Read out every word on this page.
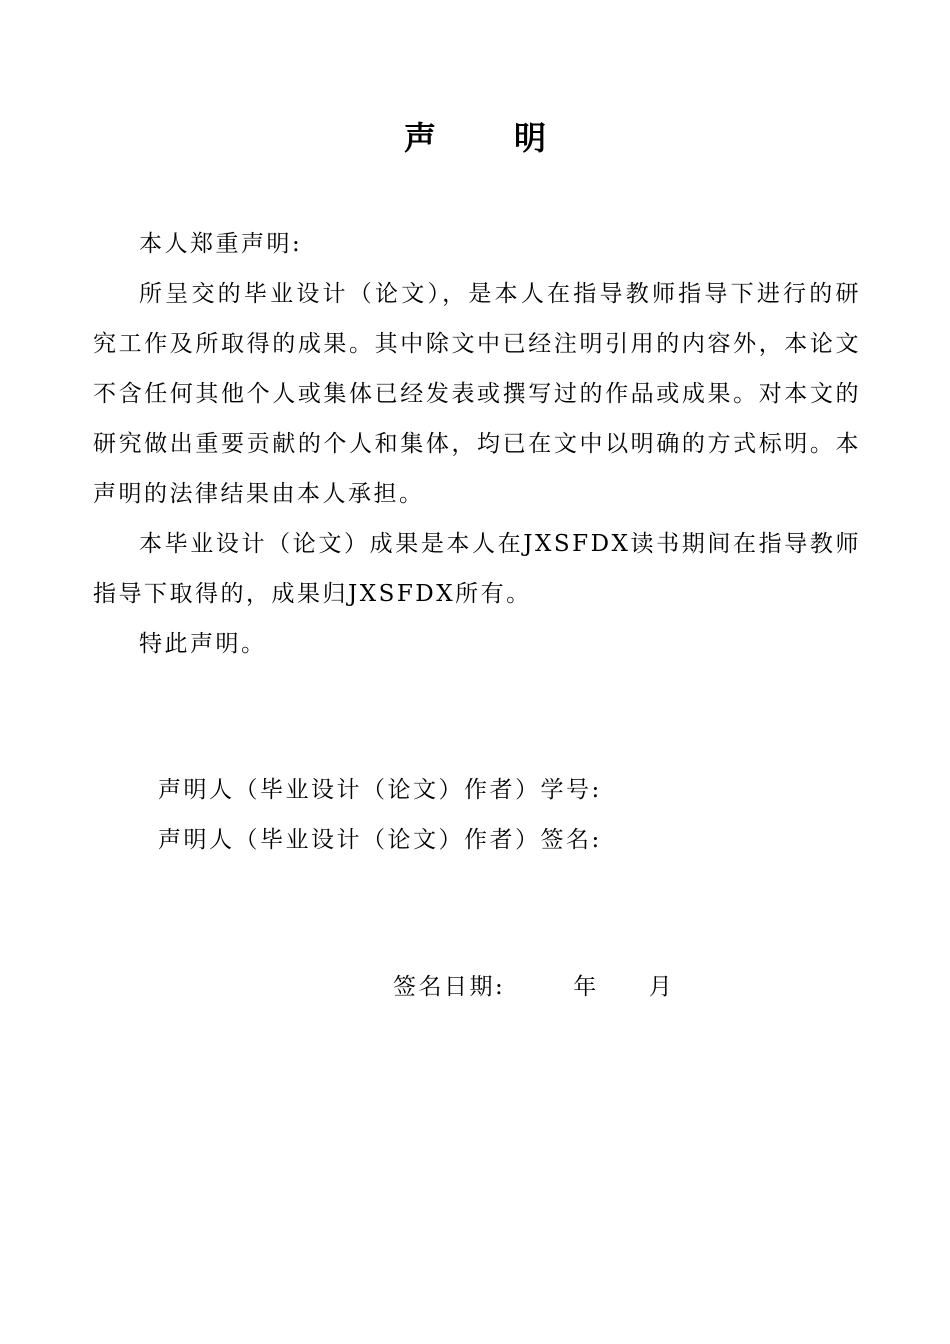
声明

本人郑重声明:

所呈交的毕业设计（论文），是本人在指导教师指导下进行的研究工作及所取得的成果。其中除文中已经注明引用的内容外，本论文不含任何其他个人或集体已经发表或撰写过的作品或成果。对本文的研究做出重要贡献的个人和集体，均已在文中以明确的方式标明。本声明的法律结果由本人承担。

本毕业设计（论文）成果是本人在JXSFDX读书期间在指导教师指导下取得的，成果归JXSFDX所有。

特此声明。

声明人（毕业设计（论文）作者）学号:
声明人（毕业设计（论文）作者）签名:
签名日期:	年 月
